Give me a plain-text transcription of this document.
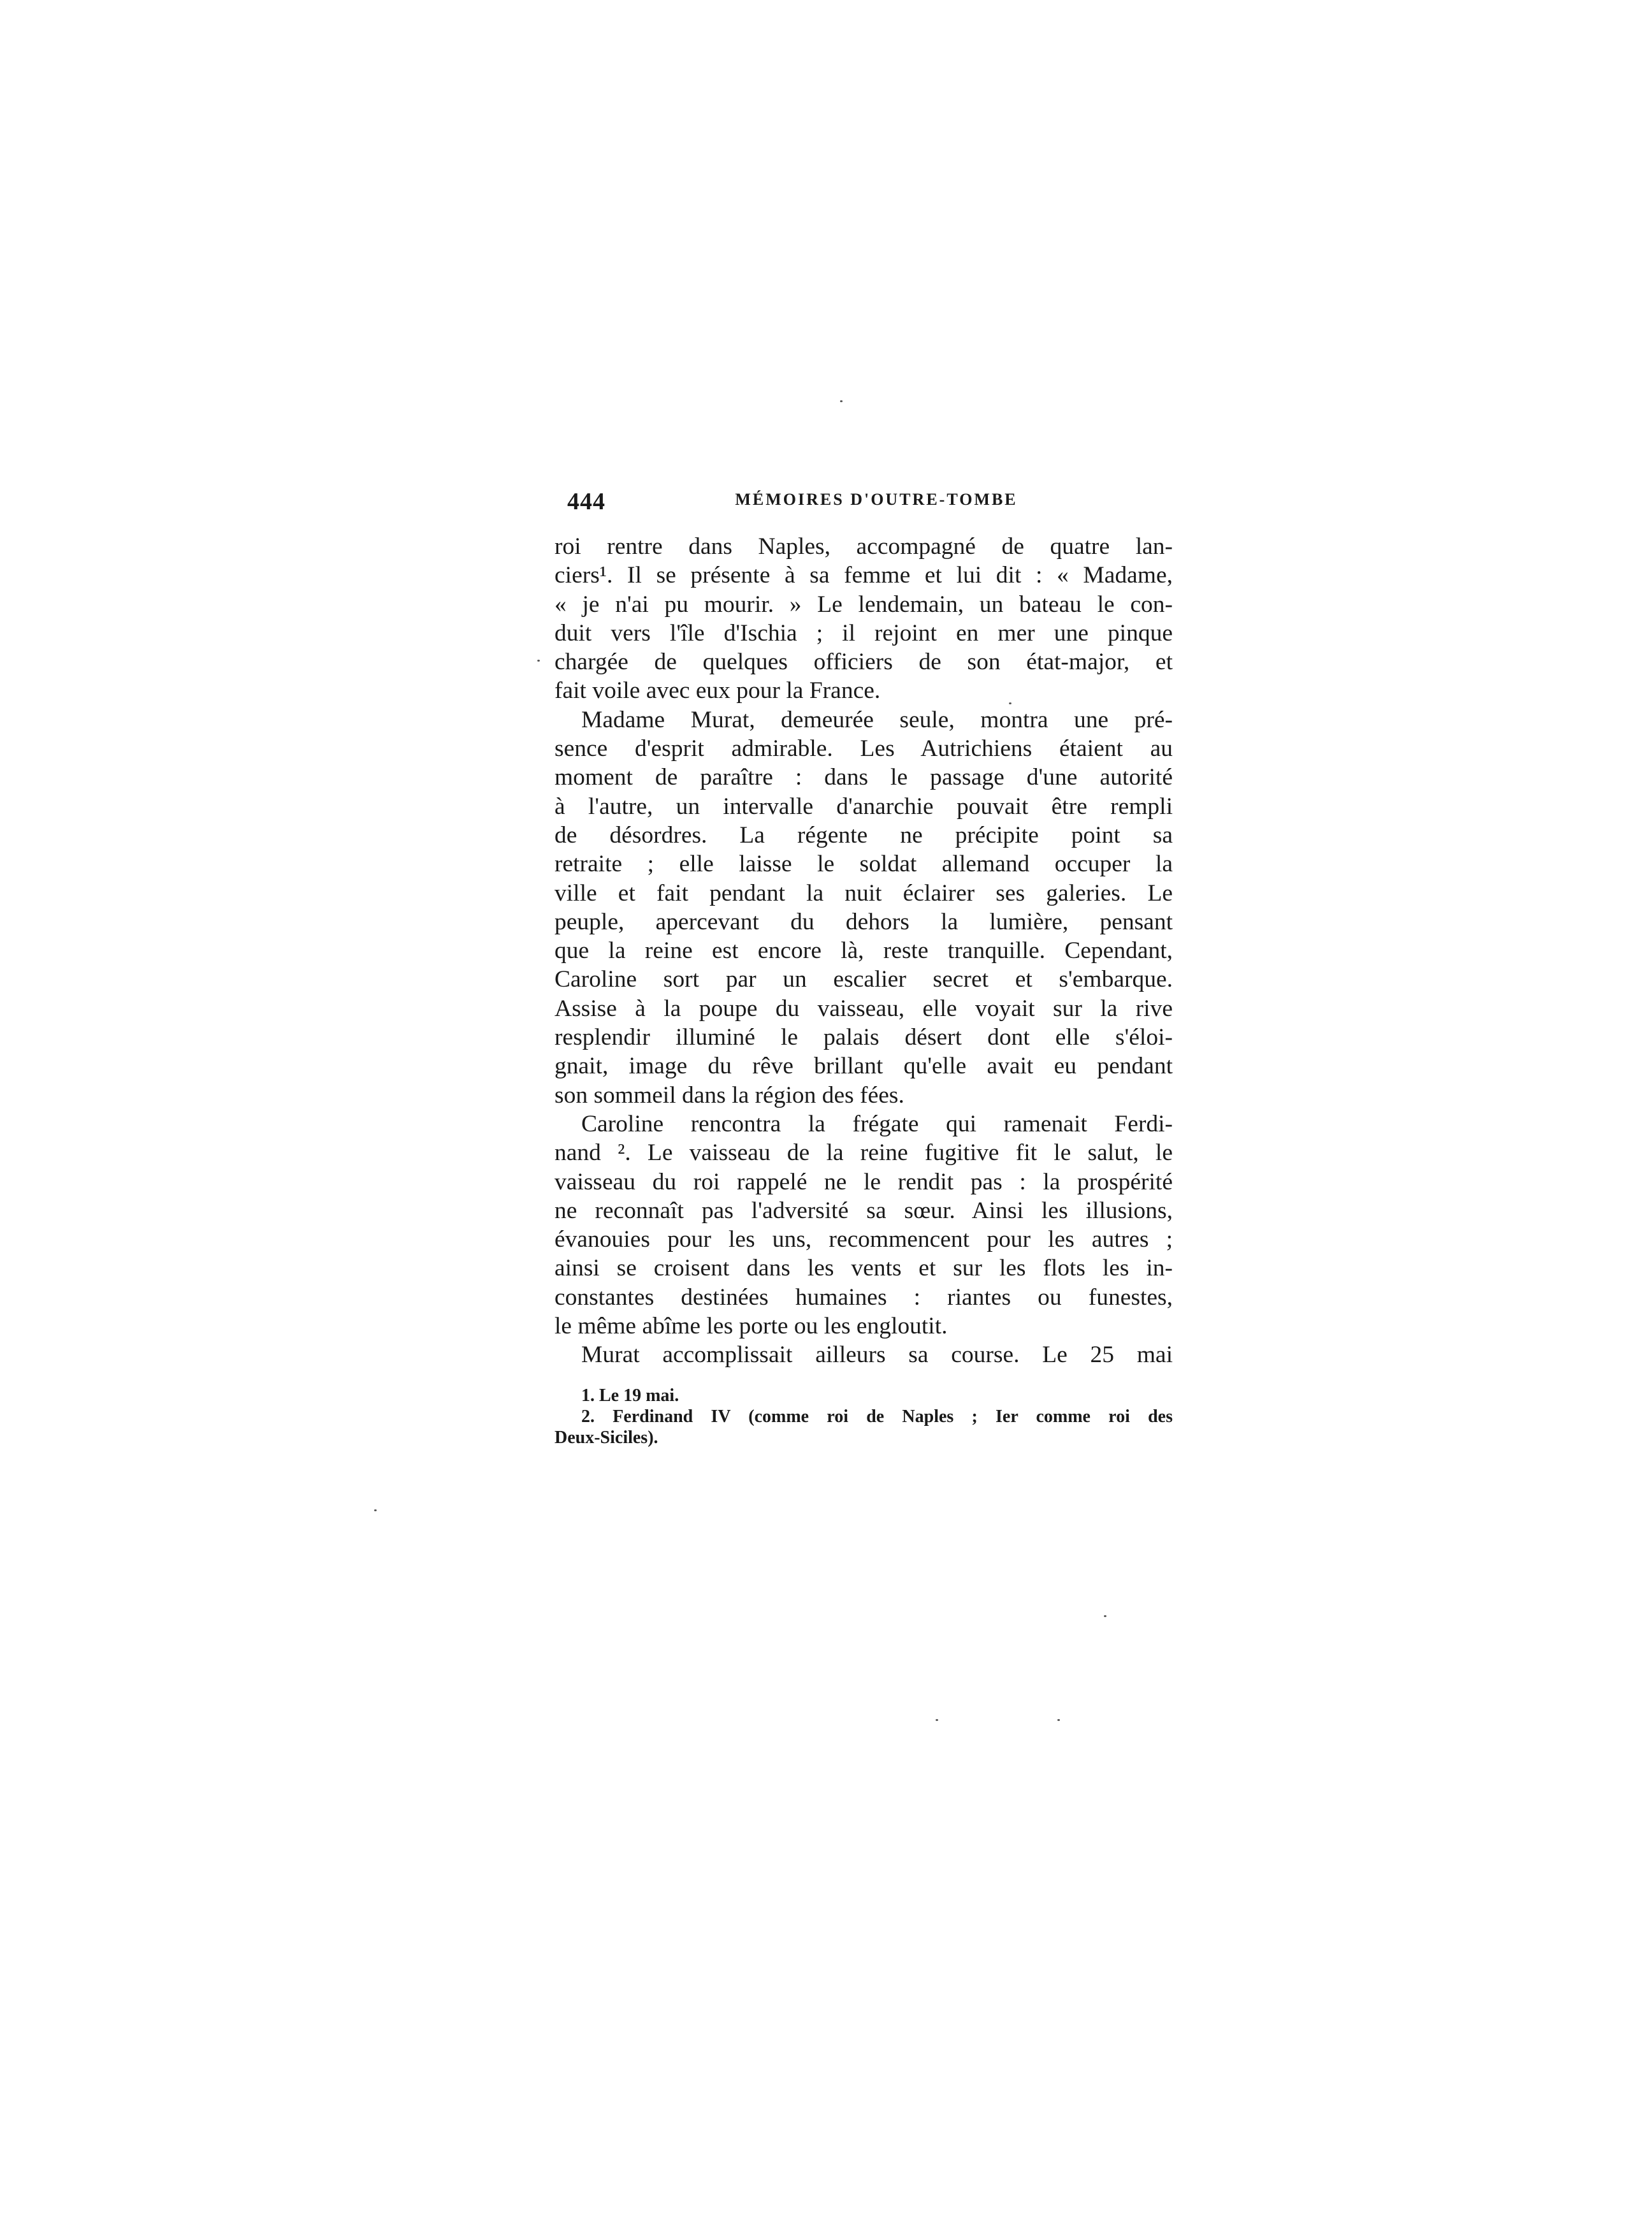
444	MÉMOIRES D'OUTRE-TOMBE
roi rentre dans Naples, accompagné de quatre lan-
ciers¹. Il se présente à sa femme et lui dit : « Madame,
« je n'ai pu mourir. » Le lendemain, un bateau le con-
duit vers l'île d'Ischia ; il rejoint en mer une pinque
chargée de quelques officiers de son état-major, et
fait voile avec eux pour la France.
Madame Murat, demeurée seule, montra une pré-
sence d'esprit admirable. Les Autrichiens étaient au
moment de paraître : dans le passage d'une autorité
à l'autre, un intervalle d'anarchie pouvait être rempli
de désordres. La régente ne précipite point sa
retraite ; elle laisse le soldat allemand occuper la
ville et fait pendant la nuit éclairer ses galeries. Le
peuple, apercevant du dehors la lumière, pensant
que la reine est encore là, reste tranquille. Cependant,
Caroline sort par un escalier secret et s'embarque.
Assise à la poupe du vaisseau, elle voyait sur la rive
resplendir illuminé le palais désert dont elle s'éloi-
gnait, image du rêve brillant qu'elle avait eu pendant
son sommeil dans la région des fées.
Caroline rencontra la frégate qui ramenait Ferdi-
nand ². Le vaisseau de la reine fugitive fit le salut, le
vaisseau du roi rappelé ne le rendit pas : la prospérité
ne reconnaît pas l'adversité sa sœur. Ainsi les illusions,
évanouies pour les uns, recommencent pour les autres ;
ainsi se croisent dans les vents et sur les flots les in-
constantes destinées humaines : riantes ou funestes,
le même abîme les porte ou les engloutit.
Murat accomplissait ailleurs sa course. Le 25 mai
1. Le 19 mai.
2. Ferdinand IV (comme roi de Naples ; Ier comme roi des
Deux-Siciles).
